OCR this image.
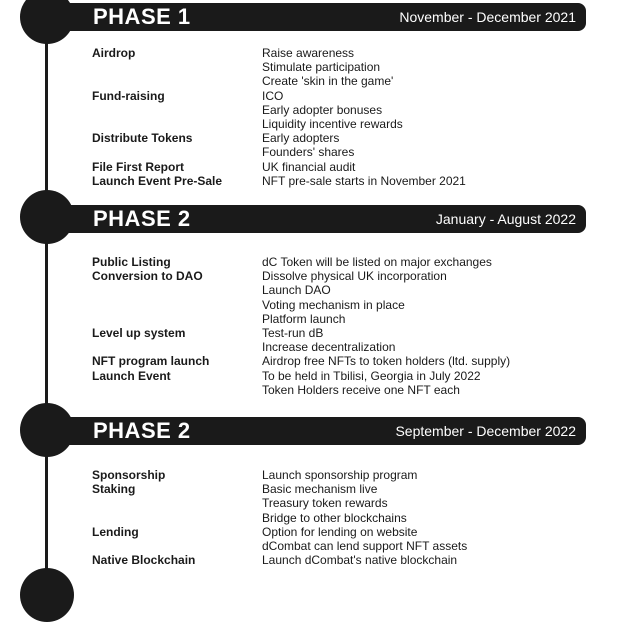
PHASE 1	November - December 2021
Airdrop	Raise awareness
Stimulate participation
Create 'skin in the game'
Fund-raising	ICO
Early adopter bonuses
Liquidity incentive rewards
Distribute Tokens	Early adopters
Founders' shares
File First Report	UK financial audit
Launch Event Pre-Sale	NFT pre-sale starts in November 2021
PHASE 2	January - August 2022
Public Listing	dC Token will be listed on major exchanges
Conversion to DAO	Dissolve physical UK incorporation
Launch DAO
Voting mechanism in place
Platform launch
Level up system	Test-run dB
Increase decentralization
NFT program launch	Airdrop free NFTs to token holders (ltd. supply)
Launch Event	To be held in Tbilisi, Georgia in July 2022
Token Holders receive one NFT each
PHASE 2	September - December 2022
Sponsorship	Launch sponsorship program
Staking	Basic mechanism live
Treasury token rewards
Bridge to other blockchains
Lending	Option for lending on website
dCombat can lend support NFT assets
Native Blockchain	Launch dCombat's native blockchain
